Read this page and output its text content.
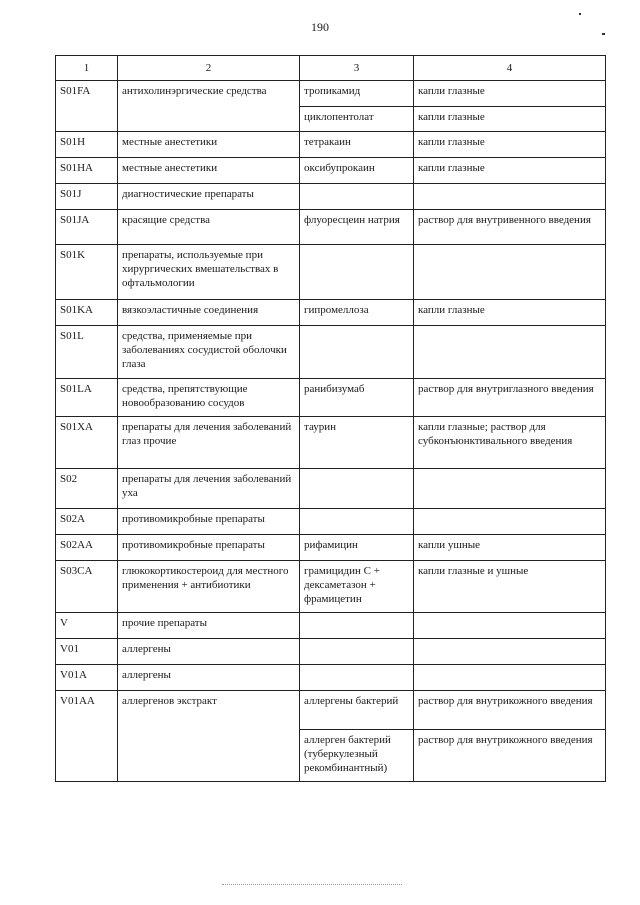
190
1	2	3	4
S01FA	антихолинэргические средства	тропикамид	капли глазные
		циклопентолат	капли глазные
S01H	местные анестетики	тетракаин	капли глазные
S01HA	местные анестетики	оксибупрокаин	капли глазные
S01J	диагностические препараты		
S01JA	красящие средства	флуоресцеин натрия	раствор для внутривенного введения
S01K	препараты, используемые при хирургических вмешательствах в офтальмологии		
S01KA	вязкоэластичные соединения	гипромеллоза	капли глазные
S01L	средства, применяемые при заболеваниях сосудистой оболочки глаза		
S01LA	средства, препятствующие новообразованию сосудов	ранибизумаб	раствор для внутриглазного введения
S01XA	препараты для лечения заболеваний глаз прочие	таурин	капли глазные; раствор для субконъюнктивального введения
S02	препараты для лечения заболеваний уха		
S02A	противомикробные препараты		
S02AA	противомикробные препараты	рифамицин	капли ушные
S03CA	глюкокортикостероид для местного применения + антибиотики	грамицидин С + дексаметазон + фрамицетин	капли глазные и ушные
V	прочие препараты		
V01	аллергены		
V01A	аллергены		
V01AA	аллергенов экстракт	аллергены бактерий	раствор для внутрикожного введения
		аллерген бактерий (туберкулезный рекомбинантный)	раствор для внутрикожного введения
